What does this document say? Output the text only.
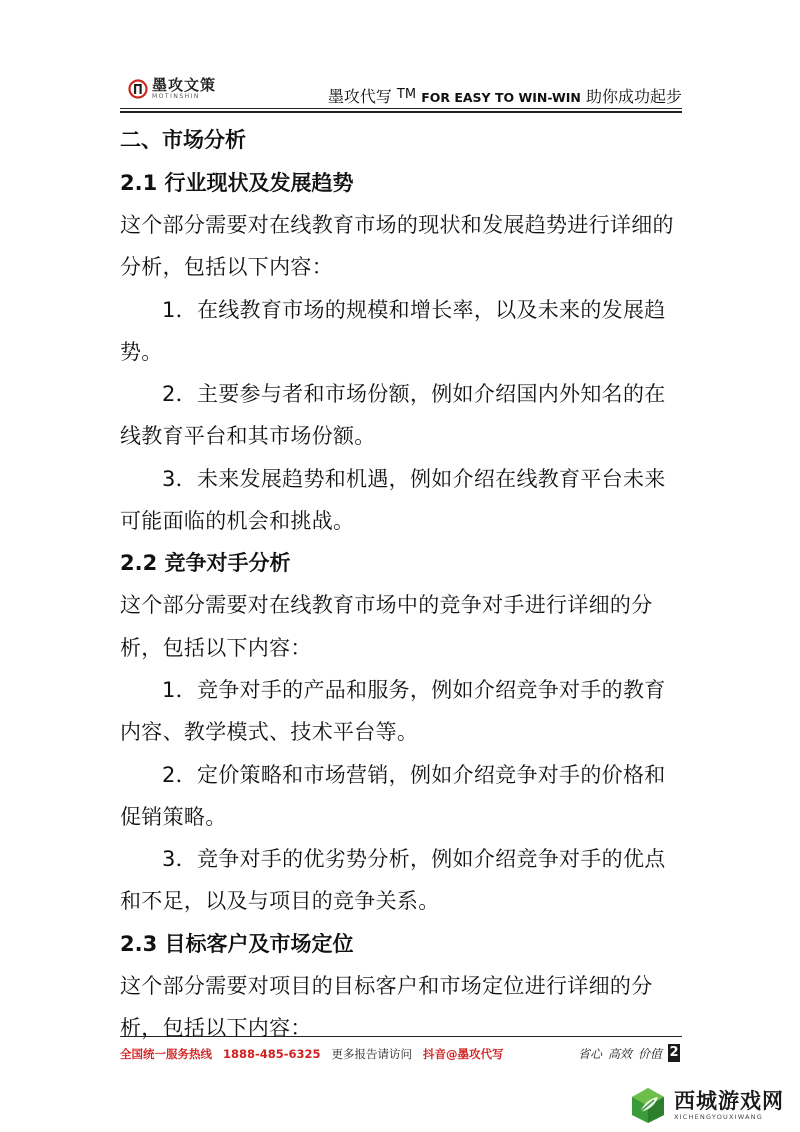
墨攻文策
MOTINSHIN	墨攻代写 ™ FOR EASY TO WIN-WIN 助你成功起步

二、市场分析

2.1 行业现状及发展趋势

这个部分需要对在线教育市场的现状和发展趋势进行详细的分析，包括以下内容：

1．在线教育市场的规模和增长率，以及未来的发展趋势。

2．主要参与者和市场份额，例如介绍国内外知名的在线教育平台和其市场份额。

3．未来发展趋势和机遇，例如介绍在线教育平台未来可能面临的机会和挑战。

2.2 竞争对手分析

这个部分需要对在线教育市场中的竞争对手进行详细的分析，包括以下内容：

1．竞争对手的产品和服务，例如介绍竞争对手的教育内容、教学模式、技术平台等。

2．定价策略和市场营销，例如介绍竞争对手的价格和促销策略。

3．竞争对手的优劣势分析，例如介绍竞争对手的优点和不足，以及与项目的竞争关系。

2.3 目标客户及市场定位

这个部分需要对项目的目标客户和市场定位进行详细的分析，包括以下内容：

全国统一服务热线 1888-485-6325 更多报告请访问 抖音@墨攻代写	省心 高效 价值 2
西城游戏网
XICHENGYOUXIWANG
